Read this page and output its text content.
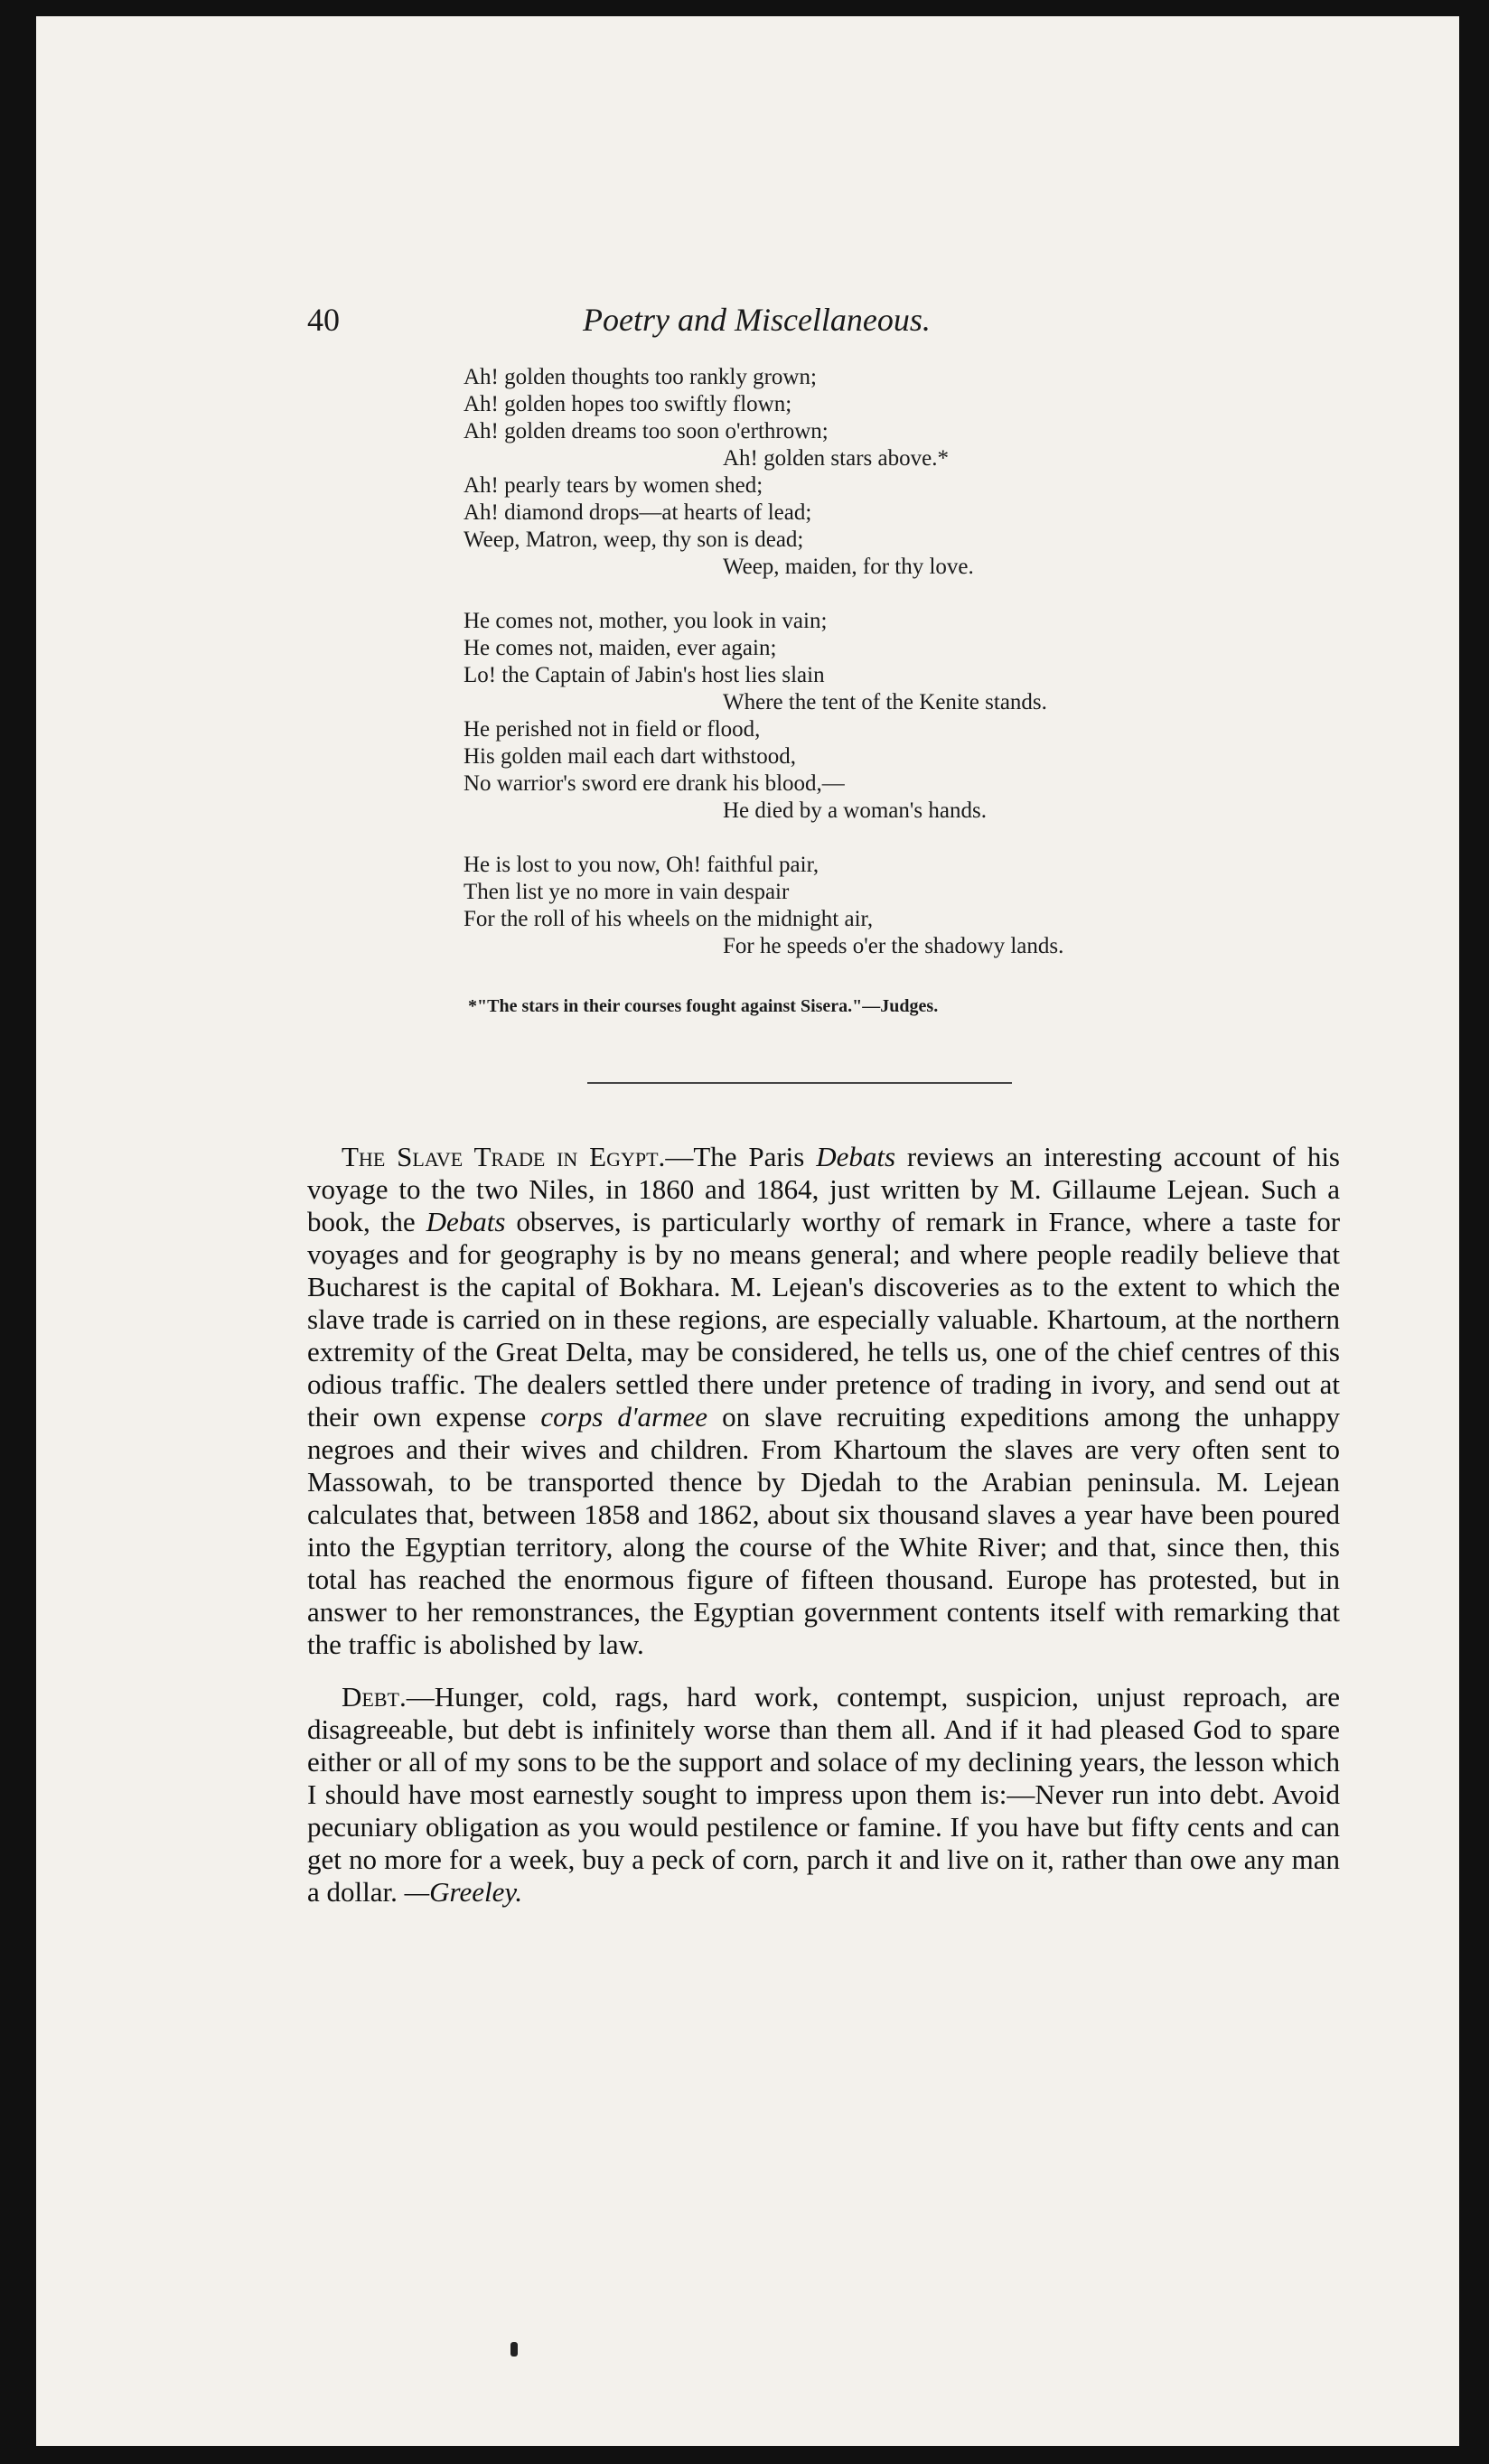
40	Poetry and Miscellaneous.
Ah! golden thoughts too rankly grown;
Ah! golden hopes too swiftly flown;
Ah! golden dreams too soon o'erthrown;
Ah! golden stars above.*
Ah! pearly tears by women shed;
Ah! diamond drops—at hearts of lead;
Weep, Matron, weep, thy son is dead;
Weep, maiden, for thy love.
He comes not, mother, you look in vain;
He comes not, maiden, ever again;
Lo! the Captain of Jabin's host lies slain
Where the tent of the Kenite stands.
He perished not in field or flood,
His golden mail each dart withstood,
No warrior's sword ere drank his blood,—
He died by a woman's hands.
He is lost to you now, Oh! faithful pair,
Then list ye no more in vain despair
For the roll of his wheels on the midnight air,
For he speeds o'er the shadowy lands.
*"The stars in their courses fought against Sisera."—Judges.

The Slave Trade in Egypt.—The Paris Debats reviews an interesting account of his voyage to the two Niles, in 1860 and 1864, just written by M. Gillaume Lejean. Such a book, the Debats observes, is particularly worthy of remark in France, where a taste for voyages and for geography is by no means general; and where people readily believe that Bucharest is the capital of Bokhara. M. Lejean's discoveries as to the extent to which the slave trade is carried on in these regions, are especially valuable. Khartoum, at the northern extremity of the Great Delta, may be considered, he tells us, one of the chief centres of this odious traffic. The dealers settled there under pretence of trading in ivory, and send out at their own expense corps d'armee on slave recruiting expeditions among the unhappy negroes and their wives and children. From Khartoum the slaves are very often sent to Massowah, to be transported thence by Djedah to the Arabian peninsula. M. Lejean calculates that, between 1858 and 1862, about six thousand slaves a year have been poured into the Egyptian territory, along the course of the White River; and that, since then, this total has reached the enormous figure of fifteen thousand. Europe has protested, but in answer to her remonstrances, the Egyptian government contents itself with remarking that the traffic is abolished by law.

Debt.—Hunger, cold, rags, hard work, contempt, suspicion, unjust reproach, are disagreeable, but debt is infinitely worse than them all. And if it had pleased God to spare either or all of my sons to be the support and solace of my declining years, the lesson which I should have most earnestly sought to impress upon them is:—Never run into debt. Avoid pecuniary obligation as you would pestilence or famine. If you have but fifty cents and can get no more for a week, buy a peck of corn, parch it and live on it, rather than owe any man a dollar. —Greeley.
